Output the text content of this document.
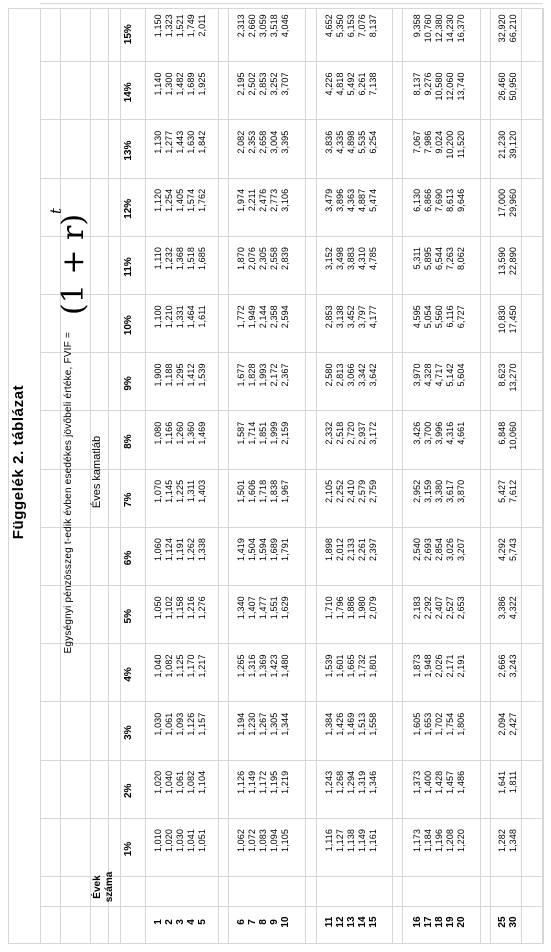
Függelék 2. táblázat	Egységnyi pénzösszeg t-edik évben esedékes jövőbeli értéke, FVIF =
$(1 + r)^t$
Éves kamatláb
Évek száma
1%
2%
3%
4%
5%
6%
7%
8%
9%
10%
11%
12%
13%
14%
15%
1
1,010
1,020
1,030
1,040
1,050
1,060
1,070
1,080
1,900
1,100
1,110
1,120
1,130
1,140
1,150
2
1,020
1,040
1,061
1,082
1,102
1,124
1,145
1,166
1,188
1,210
1,232
1,254
1,277
1,300
1,323
3
1,030
1,061
1,093
1,125
1,158
1,191
1,225
1,260
1,295
1,331
1,368
1,405
1,443
1,482
1,521
4
1,041
1,082
1,126
1,170
1,216
1,262
1,311
1,360
1,412
1,464
1,518
1,574
1,630
1,689
1,749
5
1,051
1,104
1,157
1,217
1,276
1,338
1,403
1,469
1,539
1,611
1,685
1,762
1,842
1,925
2,011
6
1,062
1,126
1,194
1,265
1,340
1,419
1,501
1,587
1,677
1,772
1,870
1,974
2,082
2,195
2,313
7
1,072
1,149
1,230
1,316
1,407
1,504
1,606
1,714
1,828
1,949
2,076
2,211
2,353
2,502
2,660
8
1,083
1,172
1,267
1,369
1,477
1,594
1,718
1,851
1,993
2,144
2,305
2,476
2,658
2,853
3,059
9
1,094
1,195
1,305
1,423
1,551
1,689
1,838
1,999
2,172
2,358
2,558
2,773
3,004
3,252
3,518
10
1,105
1,219
1,344
1,480
1,629
1,791
1,967
2,159
2,367
2,594
2,839
3,106
3,395
3,707
4,046
11
1,116
1,243
1,384
1,539
1,710
1,898
2,105
2,332
2,580
2,853
3,152
3,479
3,836
4,226
4,652
12
1,127
1,268
1,426
1,601
1,796
2,012
2,252
2,518
2,813
3,138
3,498
3,896
4,335
4,818
5,350
13
1,138
1,294
1,469
1,665
1,886
2,133
2,410
2,720
3,066
3,452
3,883
4,363
4,898
5,492
6,153
14
1,149
1,319
1,513
1,732
1,980
2,261
2,579
2,937
3,342
3,797
4,310
4,887
5,535
6,261
7,076
15
1,161
1,346
1,558
1,801
2,079
2,397
2,759
3,172
3,642
4,177
4,785
5,474
6,254
7,138
8,137
16
1,173
1,373
1,605
1,873
2,183
2,540
2,952
3,426
3,970
4,595
5,311
6,130
7,067
8,137
9,358
17
1,184
1,400
1,653
1,948
2,292
2,693
3,159
3,700
4,328
5,054
5,895
6,866
7,986
9,276
10,760
18
1,196
1,428
1,702
2,026
2,407
2,854
3,380
3,996
4,717
5,560
6,544
7,690
9,024
10,580
12,380
19
1,208
1,457
1,754
2,171
2,527
3,026
3,617
4,316
5,142
6,116
7,263
8,613
10,200
12,060
14,230
20
1,220
1,486
1,806
2,191
2,653
3,207
3,870
4,661
5,604
6,727
8,062
9,646
11,520
13,740
16,370
25
1,282
1,641
2,094
2,666
3,386
4,292
5,427
6,848
8,623
10,830
13,590
17,000
21,230
26,460
32,920
30
1,348
1,811
2,427
3,243
4,322
5,743
7,612
10,060
13,270
17,450
22,890
29,960
39,120
50,950
66,210
